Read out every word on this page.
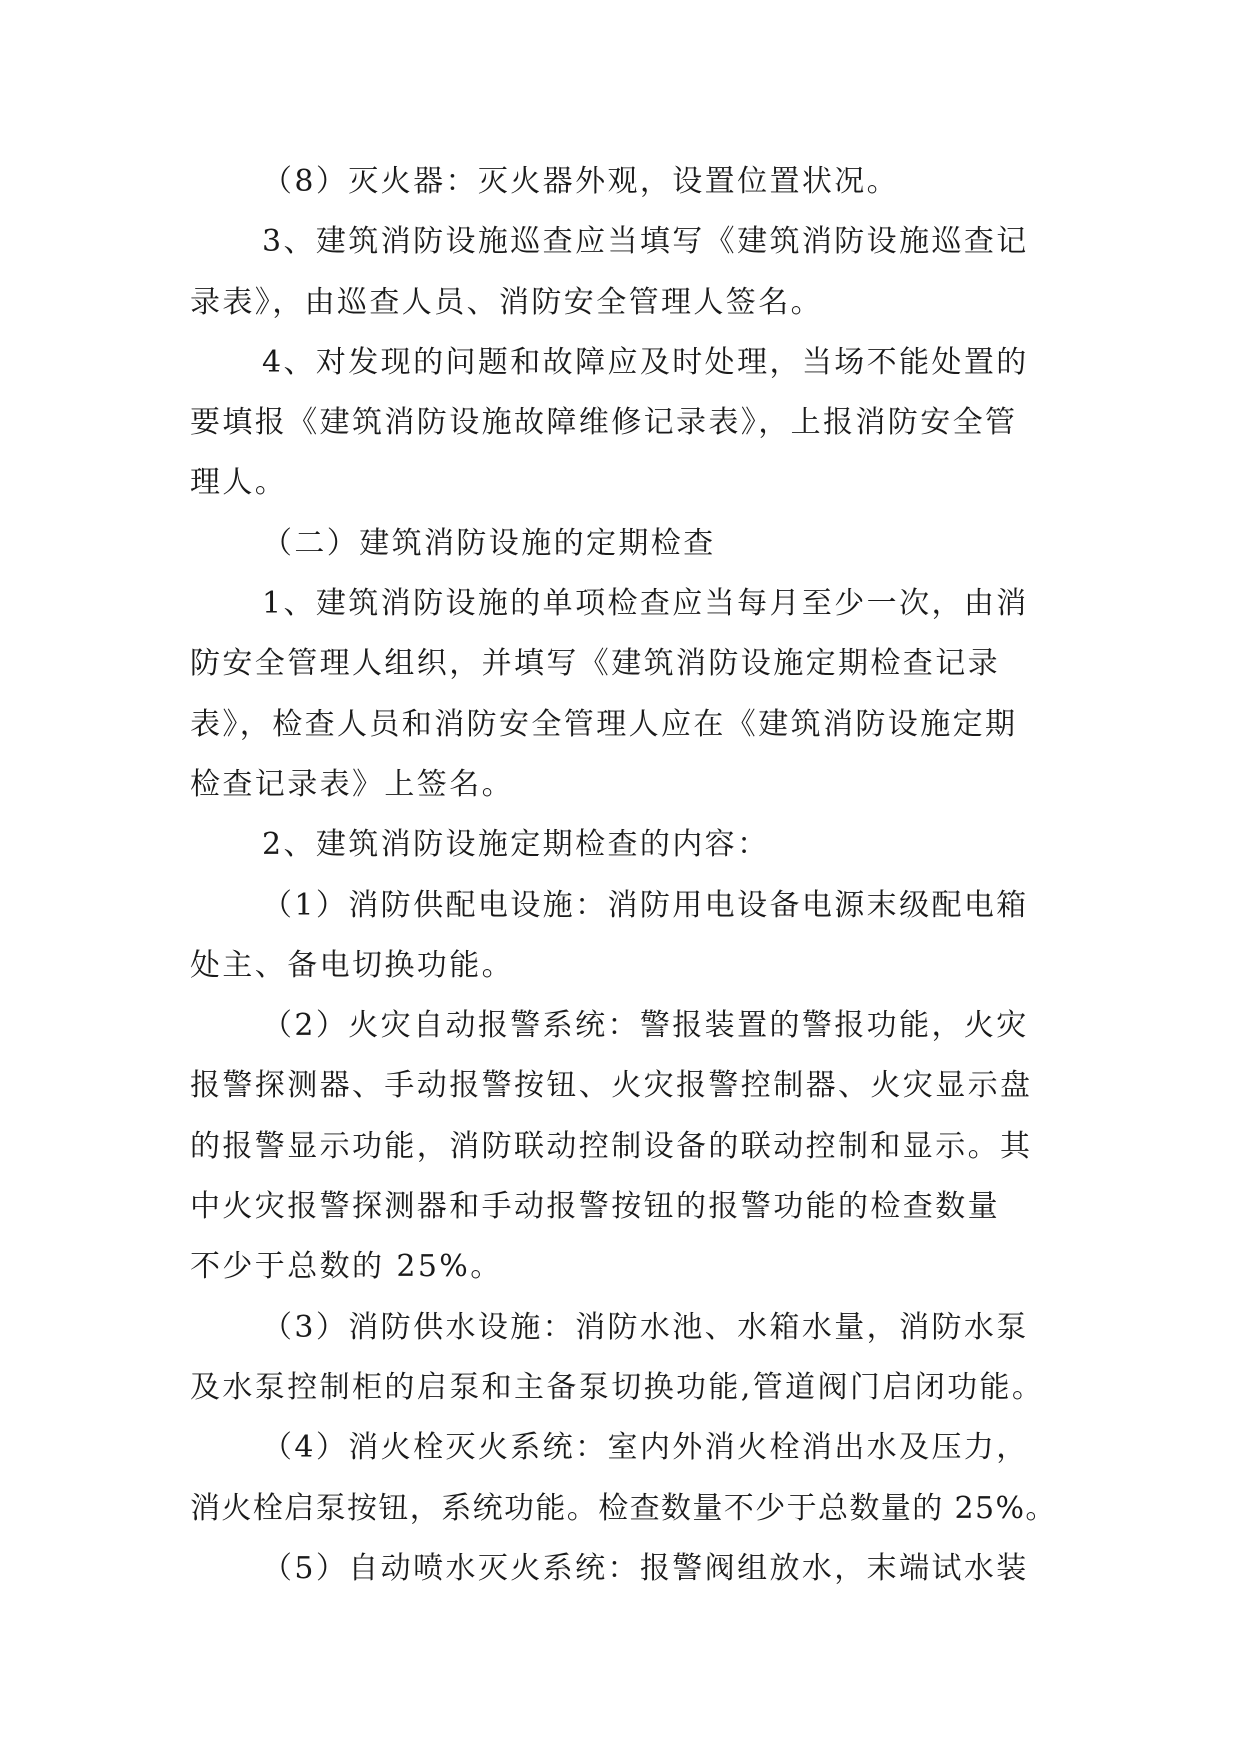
（8）灭火器：灭火器外观，设置位置状况。
3、建筑消防设施巡查应当填写《建筑消防设施巡查记
录表》，由巡查人员、消防安全管理人签名。
4、对发现的问题和故障应及时处理，当场不能处置的
要填报《建筑消防设施故障维修记录表》，上报消防安全管
理人。
（二）建筑消防设施的定期检查
1、建筑消防设施的单项检查应当每月至少一次，由消
防安全管理人组织，并填写《建筑消防设施定期检查记录
表》，检查人员和消防安全管理人应在《建筑消防设施定期
检查记录表》上签名。
2、建筑消防设施定期检查的内容：
（1）消防供配电设施：消防用电设备电源末级配电箱
处主、备电切换功能。
（2）火灾自动报警系统：警报装置的警报功能，火灾
报警探测器、手动报警按钮、火灾报警控制器、火灾显示盘
的报警显示功能，消防联动控制设备的联动控制和显示。其
中火灾报警探测器和手动报警按钮的报警功能的检查数量
不少于总数的 25%。
（3）消防供水设施：消防水池、水箱水量，消防水泵
及水泵控制柜的启泵和主备泵切换功能,管道阀门启闭功能。
（4）消火栓灭火系统：室内外消火栓消出水及压力，
消火栓启泵按钮，系统功能。检查数量不少于总数量的 25%。
（5）自动喷水灭火系统：报警阀组放水，末端试水装
